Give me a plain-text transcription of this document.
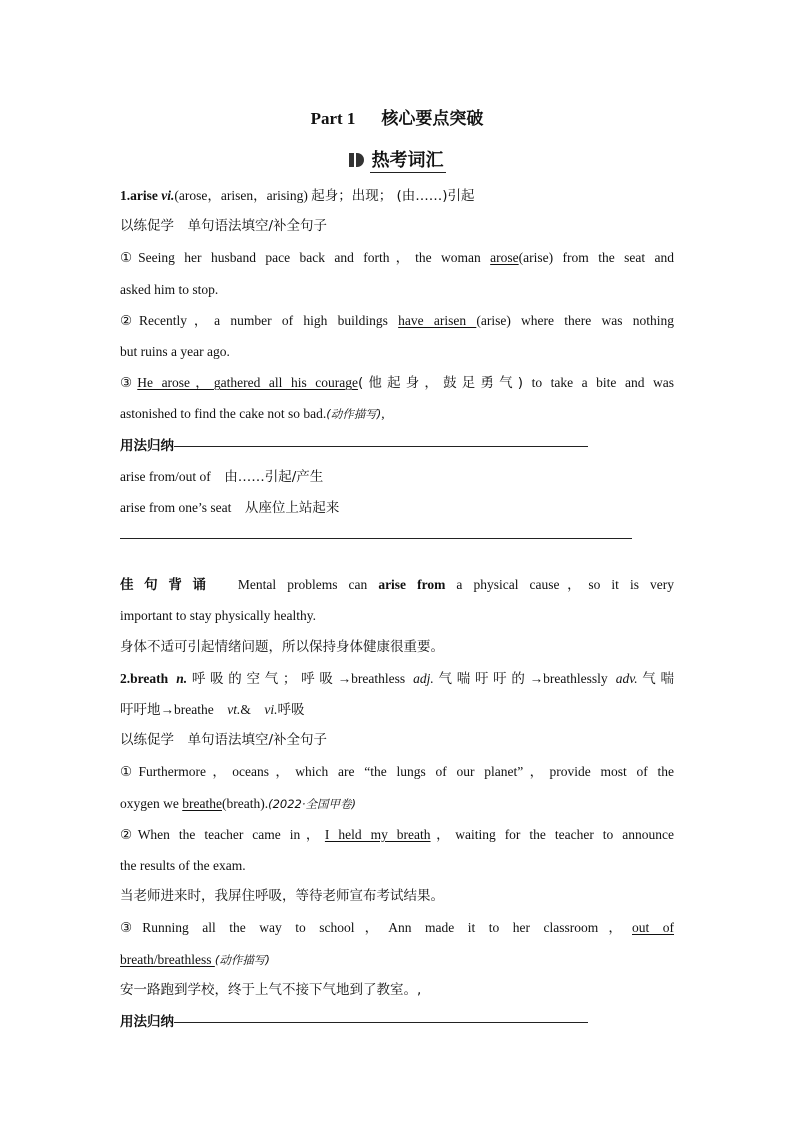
Part 1 核心要点突破
热考词汇
1.arise vi.(arose，arisen，arising) 起身；出现； (由……)引起
以练促学　单句语法填空/补全句子
①Seeing her husband pace back and forth，the woman arose(arise) from the seat and
asked him to stop.
②Recently，a number of high buildings have arisen (arise) where there was nothing
but ruins a year ago.
③He arose，gathered all his courage(他起身，鼓足勇气) to take a bite and was
astonished to find the cake not so bad.(动作描写),
用法归纳
arise from/out of　由……引起/产生
arise from one’s seat　从座位上站起来
佳句背诵　Mental problems can arise from a physical cause，so it is very
important to stay physically healthy.
身体不适可引起情绪问题，所以保持身体健康很重要。
2.breath n.呼吸的空气；呼吸→breathless adj.气喘吁吁的→breathlessly adv.气喘
吁吁地→breathe　vt.&　vi.呼吸
以练促学　单句语法填空/补全句子
①Furthermore，oceans，which are “the lungs of our planet”，provide most of the
oxygen we breathe(breath).(2022·全国甲卷)
②When the teacher came in，I held my breath，waiting for the teacher to announce
the results of the exam.
当老师进来时，我屏住呼吸，等待老师宣布考试结果。
③Running all the way to school，Ann made it to her classroom，out of
breath/breathless (动作描写)
安一路跑到学校，终于上气不接下气地到了教室。,
用法归纳
